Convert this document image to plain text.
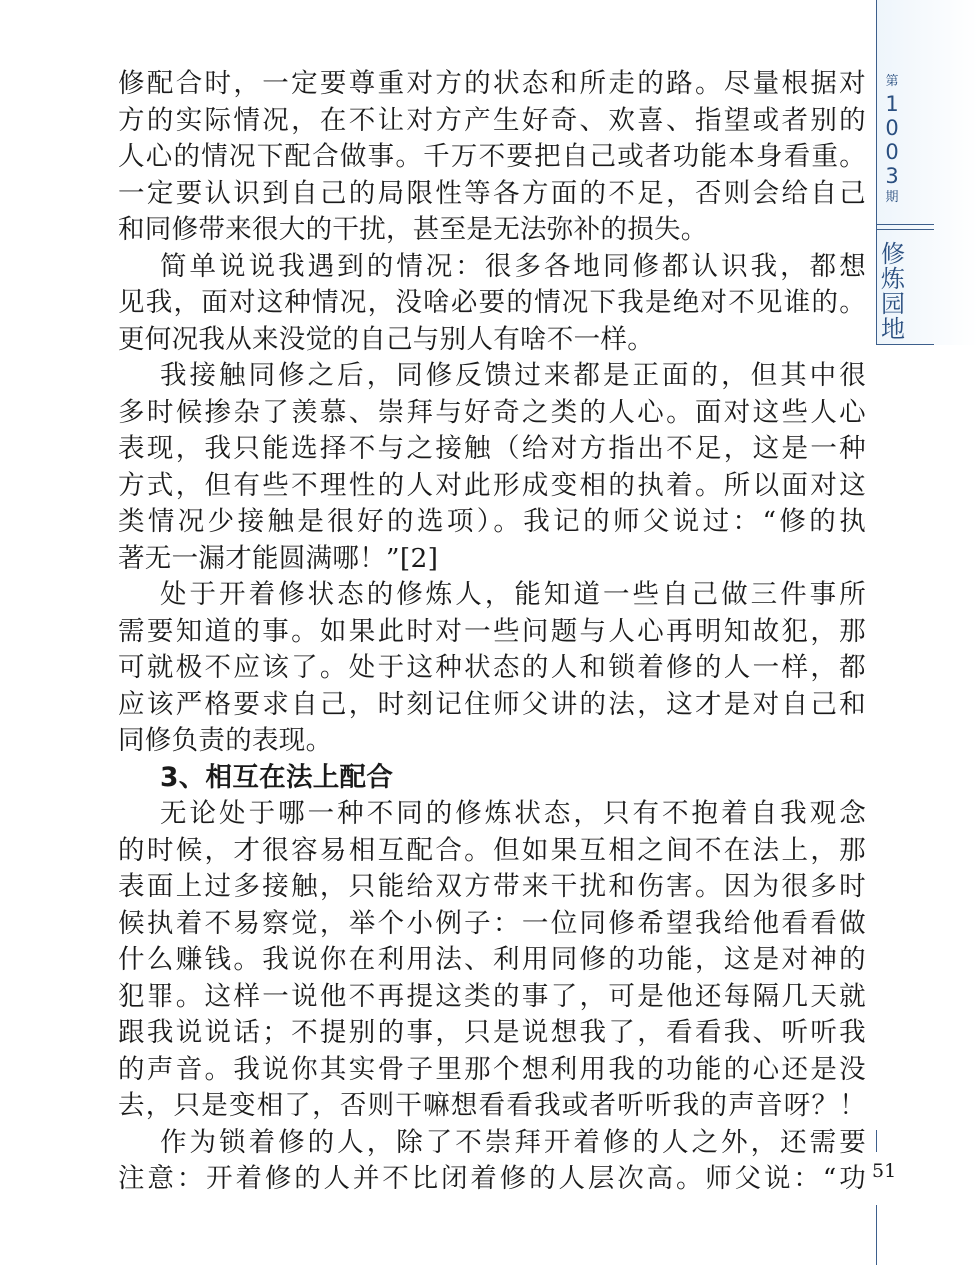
第
1
0
0
3
期
修
炼
园
地
修配合时，一定要尊重对方的状态和所走的路。尽量根据对
方的实际情况，在不让对方产生好奇、欢喜、指望或者别的
人心的情况下配合做事。千万不要把自己或者功能本身看重。
一定要认识到自己的局限性等各方面的不足，否则会给自己
和同修带来很大的干扰，甚至是无法弥补的损失。
简单说说我遇到的情况：很多各地同修都认识我，都想
见我，面对这种情况，没啥必要的情况下我是绝对不见谁的。
更何况我从来没觉的自己与别人有啥不一样。
我接触同修之后，同修反馈过来都是正面的，但其中很
多时候掺杂了羡慕、崇拜与好奇之类的人心。面对这些人心
表现，我只能选择不与之接触（给对方指出不足，这是一种
方式，但有些不理性的人对此形成变相的执着。所以面对这
类情况少接触是很好的选项）。我记的师父说过：“修的执
著无一漏才能圆满哪！”[2]
处于开着修状态的修炼人，能知道一些自己做三件事所
需要知道的事。如果此时对一些问题与人心再明知故犯，那
可就极不应该了。处于这种状态的人和锁着修的人一样，都
应该严格要求自己，时刻记住师父讲的法，这才是对自己和
同修负责的表现。
3、相互在法上配合
无论处于哪一种不同的修炼状态，只有不抱着自我观念
的时候，才很容易相互配合。但如果互相之间不在法上，那
表面上过多接触，只能给双方带来干扰和伤害。因为很多时
候执着不易察觉，举个小例子：一位同修希望我给他看看做
什么赚钱。我说你在利用法、利用同修的功能，这是对神的
犯罪。这样一说他不再提这类的事了，可是他还每隔几天就
跟我说说话；不提别的事，只是说想我了，看看我、听听我
的声音。我说你其实骨子里那个想利用我的功能的心还是没
去，只是变相了，否则干嘛想看看我或者听听我的声音呀？！
作为锁着修的人，除了不崇拜开着修的人之外，还需要
注意：开着修的人并不比闭着修的人层次高。师父说：“功 51
